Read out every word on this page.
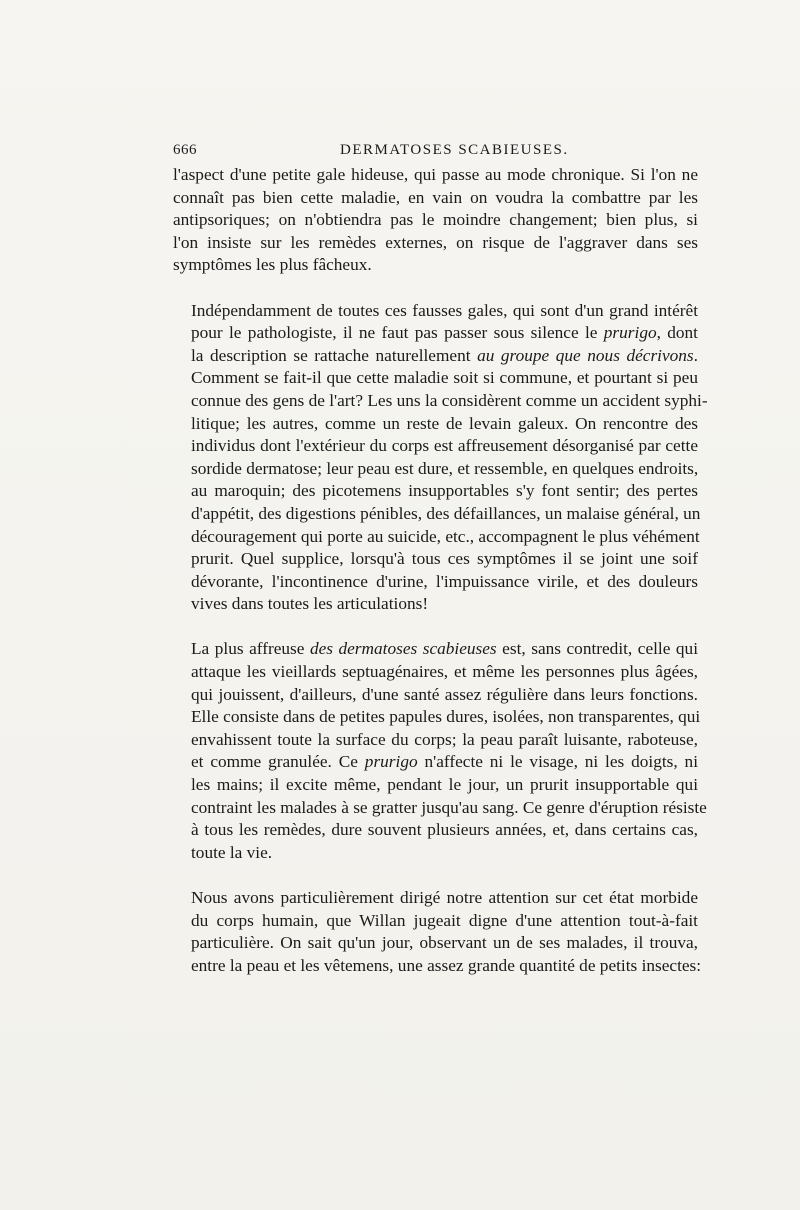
666	DERMATOSES SCABIEUSES.

l'aspect d'une petite gale hideuse, qui passe au mode chronique. Si l'on ne
connaît pas bien cette maladie, en vain on voudra la combattre par les
antipsoriques; on n'obtiendra pas le moindre changement; bien plus, si
l'on insiste sur les remèdes externes, on risque de l'aggraver dans ses
symptômes les plus fâcheux.

Indépendamment de toutes ces fausses gales, qui sont d'un grand intérêt
pour le pathologiste, il ne faut pas passer sous silence le prurigo, dont
la description se rattache naturellement au groupe que nous décrivons.
Comment se fait-il que cette maladie soit si commune, et pourtant si peu
connue des gens de l'art? Les uns la considèrent comme un accident syphi-
litique; les autres, comme un reste de levain galeux. On rencontre des
individus dont l'extérieur du corps est affreusement désorganisé par cette
sordide dermatose; leur peau est dure, et ressemble, en quelques endroits,
au maroquin; des picotemens insupportables s'y font sentir; des pertes
d'appétit, des digestions pénibles, des défaillances, un malaise général, un
découragement qui porte au suicide, etc., accompagnent le plus véhément
prurit. Quel supplice, lorsqu'à tous ces symptômes il se joint une soif
dévorante, l'incontinence d'urine, l'impuissance virile, et des douleurs
vives dans toutes les articulations!

La plus affreuse des dermatoses scabieuses est, sans contredit, celle qui
attaque les vieillards septuagénaires, et même les personnes plus âgées,
qui jouissent, d'ailleurs, d'une santé assez régulière dans leurs fonctions.
Elle consiste dans de petites papules dures, isolées, non transparentes, qui
envahissent toute la surface du corps; la peau paraît luisante, raboteuse,
et comme granulée. Ce prurigo n'affecte ni le visage, ni les doigts, ni
les mains; il excite même, pendant le jour, un prurit insupportable qui
contraint les malades à se gratter jusqu'au sang. Ce genre d'éruption résiste
à tous les remèdes, dure souvent plusieurs années, et, dans certains cas,
toute la vie.

Nous avons particulièrement dirigé notre attention sur cet état morbide
du corps humain, que Willan jugeait digne d'une attention tout-à-fait
particulière. On sait qu'un jour, observant un de ses malades, il trouva,
entre la peau et les vêtemens, une assez grande quantité de petits insectes:
